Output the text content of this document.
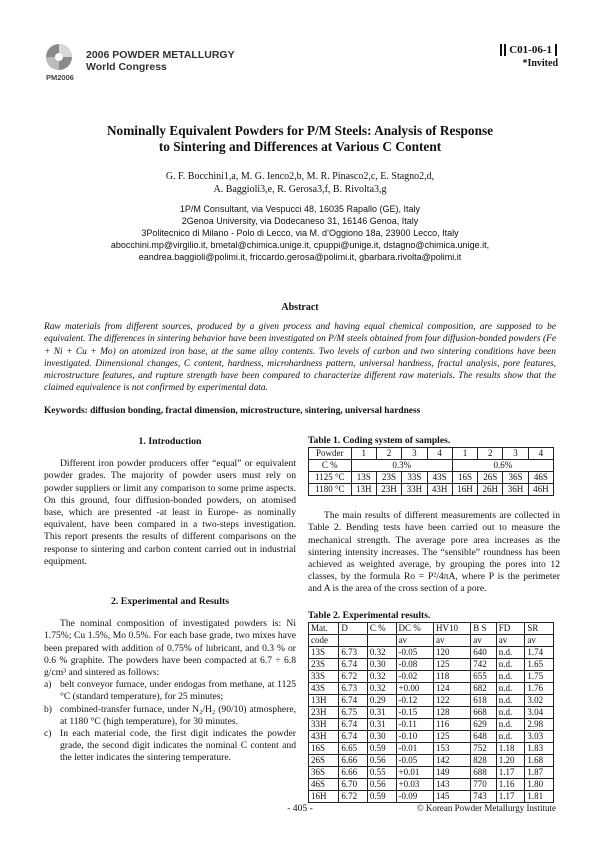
PM2006
2006 POWDER METALLURGY
World Congress
C01-06-1
*Invited
Nominally Equivalent Powders for P/M Steels: Analysis of Response
to Sintering and Differences at Various C Content
G. F. Bocchini1,a, M. G. Ienco2,b, M. R. Pinasco2,c, E. Stagno2,d,
A. Baggioli3,e, R. Gerosa3,f, B. Rivolta3,g
1P/M Consultant, via Vespucci 48, 16035 Rapallo (GE), Italy
2Genoa University, via Dodecaneso 31, 16146 Genoa, Italy
3Politecnico di Milano - Polo di Lecco, via M. d’Oggiono 18a, 23900 Lecco, Italy
abocchini.mp@virgilio.it, bmetal@chimica.unige.it, cpuppi@unige.it, dstagno@chimica.unige.it,
eandrea.baggioli@polimi.it, friccardo.gerosa@polimi.it, gbarbara.rivolta@polimi.it
Abstract
Raw materials from different sources, produced by a given process and having equal chemical composition, are supposed to be equivalent. The differences in sintering behavior have been investigated on P/M steels obtained from four diffusion-bonded powders (Fe + Ni + Cu + Mo) on atomized iron base, at the same alloy contents. Two levels of carbon and two sintering conditions have been investigated. Dimensional changes, C content, hardness, microhardness pattern, universal hardness, fractal analysis, pore features, microstructure features, and rupture strength have been compared to characterize different raw materials. The results show that the claimed equivalence is not confirmed by experimental data.
Keywords: diffusion bonding, fractal dimension, microstructure, sintering, universal hardness
1. Introduction
Different iron powder producers offer “equal” or equivalent powder grades. The majority of powder users must rely on powder suppliers or limit any comparison to some prime aspects. On this ground, four diffusion-bonded powders, on atomised base, which are presented -at least in Europe- as nominally equivalent, have been compared in a two-steps investigation. This report presents the results of different comparisons on the response to sintering and carbon content carried out in industrial equipment.
2. Experimental and Results
The nominal composition of investigated powders is: Ni 1.75%; Cu 1.5%, Mo 0.5%. For each base grade, two mixes have been prepared with addition of 0.75% of lubricant, and 0.3 % or 0.6 % graphite. The powders have been compacted at 6.7 ÷ 6.8 g/cm³ and sintered as follows:
a) belt conveyor furnace, under endogas from methane, at 1125 °C (standard temperature), for 25 minutes;
b) combined-transfer furnace, under N₂/H₂ (90/10) atmosphere, at 1180 °C (high temperature), for 30 minutes.
c) In each material code, the first digit indicates the powder grade, the second digit indicates the nominal C content and the letter indicates the sintering temperature.
Table 1. Coding system of samples.
Powder	1	2	3	4	1	2	3	4
C %	0.3%				0.6%			
1125 °C	13S	23S	33S	43S	16S	26S	36S	46S
1180 °C	13H	23H	33H	43H	16H	26H	36H	46H
The main results of different measurements are collected in Table 2. Bending tests have been carried out to measure the mechanical strength. The average pore area increases as the sintering intensity increases. The “sensible” roundness has been achieved as weighted average, by grouping the pores into 12 classes, by the formula Ro = P²/4πA, where P is the perimeter and A is the area of the cross section of a pore.
Table 2. Experimental results.
Mat.	D	C %	DC %	HV10	B S	FD	SR
code			av	av	av	av	av
13S	6.73	0.32	-0.05	120	640	n.d.	1.74
23S	6.74	0.30	-0.08	125	742	n.d.	1.65
33S	6.72	0.32	-0.02	118	655	n.d.	1.75
43S	6.73	0.32	+0.00	124	682	n.d.	1.76
13H	6.74	0.29	-0.12	122	618	n.d.	3.02
23H	6.75	0.31	-0.15	128	668	n.d.	3.04
33H	6.74	0.31	-0.11	116	629	n.d.	2.98
43H	6.74	0.30	-0.10	125	648	n.d.	3.03
16S	6.65	0.59	-0.01	153	752	1.18	1.83
26S	6.66	0.56	-0.05	142	828	1.20	1.68
36S	6.66	0.55	+0.01	149	688	1.17	1.87
46S	6.70	0.56	+0.03	143	770	1.16	1.80
16H	6.72	0.59	-0.09	145	743	1.17	1.81
- 405 -	© Korean Powder Metallurgy Institute
